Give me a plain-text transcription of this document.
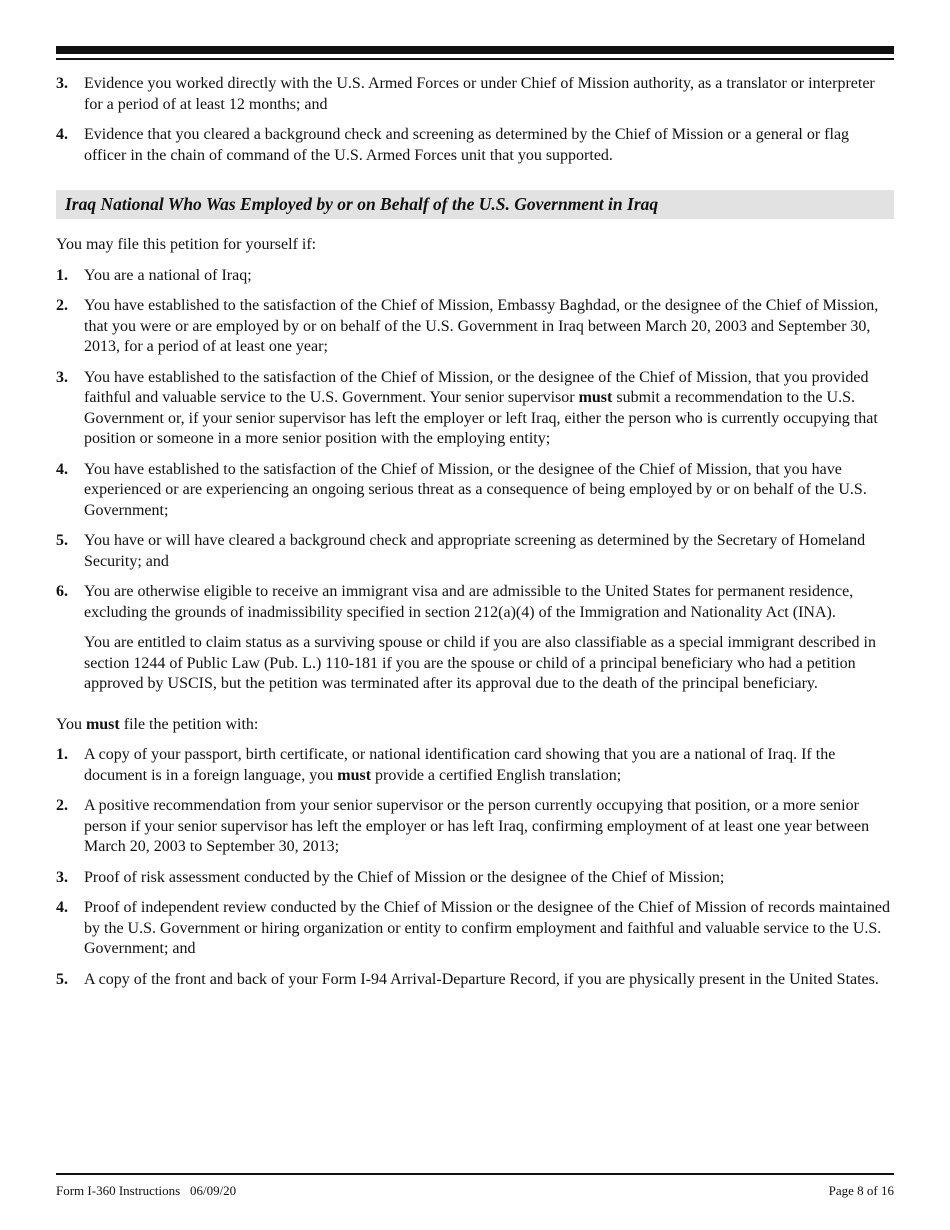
3.	Evidence you worked directly with the U.S. Armed Forces or under Chief of Mission authority, as a translator or interpreter for a period of at least 12 months; and
4.	Evidence that you cleared a background check and screening as determined by the Chief of Mission or a general or flag officer in the chain of command of the U.S. Armed Forces unit that you supported.
Iraq National Who Was Employed by or on Behalf of the U.S. Government in Iraq

You may file this petition for yourself if:

1.	You are a national of Iraq;
2.	You have established to the satisfaction of the Chief of Mission, Embassy Baghdad, or the designee of the Chief of Mission, that you were or are employed by or on behalf of the U.S. Government in Iraq between March 20, 2003 and September 30, 2013, for a period of at least one year;
3.	You have established to the satisfaction of the Chief of Mission, or the designee of the Chief of Mission, that you provided faithful and valuable service to the U.S. Government. Your senior supervisor must submit a recommendation to the U.S. Government or, if your senior supervisor has left the employer or left Iraq, either the person who is currently occupying that position or someone in a more senior position with the employing entity;
4.	You have established to the satisfaction of the Chief of Mission, or the designee of the Chief of Mission, that you have experienced or are experiencing an ongoing serious threat as a consequence of being employed by or on behalf of the U.S. Government;
5.	You have or will have cleared a background check and appropriate screening as determined by the Secretary of Homeland Security; and
6.	You are otherwise eligible to receive an immigrant visa and are admissible to the United States for permanent residence, excluding the grounds of inadmissibility specified in section 212(a)(4) of the Immigration and Nationality Act (INA).
You are entitled to claim status as a surviving spouse or child if you are also classifiable as a special immigrant described in section 1244 of Public Law (Pub. L.) 110-181 if you are the spouse or child of a principal beneficiary who had a petition approved by USCIS, but the petition was terminated after its approval due to the death of the principal beneficiary.

You must file the petition with:

1.	A copy of your passport, birth certificate, or national identification card showing that you are a national of Iraq. If the document is in a foreign language, you must provide a certified English translation;
2.	A positive recommendation from your senior supervisor or the person currently occupying that position, or a more senior person if your senior supervisor has left the employer or has left Iraq, confirming employment of at least one year between March 20, 2003 to September 30, 2013;
3.	Proof of risk assessment conducted by the Chief of Mission or the designee of the Chief of Mission;
4.	Proof of independent review conducted by the Chief of Mission or the designee of the Chief of Mission of records maintained by the U.S. Government or hiring organization or entity to confirm employment and faithful and valuable service to the U.S. Government; and
5.	A copy of the front and back of your Form I-94 Arrival-Departure Record, if you are physically present in the United States.
Form I-360 Instructions   06/09/20	Page 8 of 16
